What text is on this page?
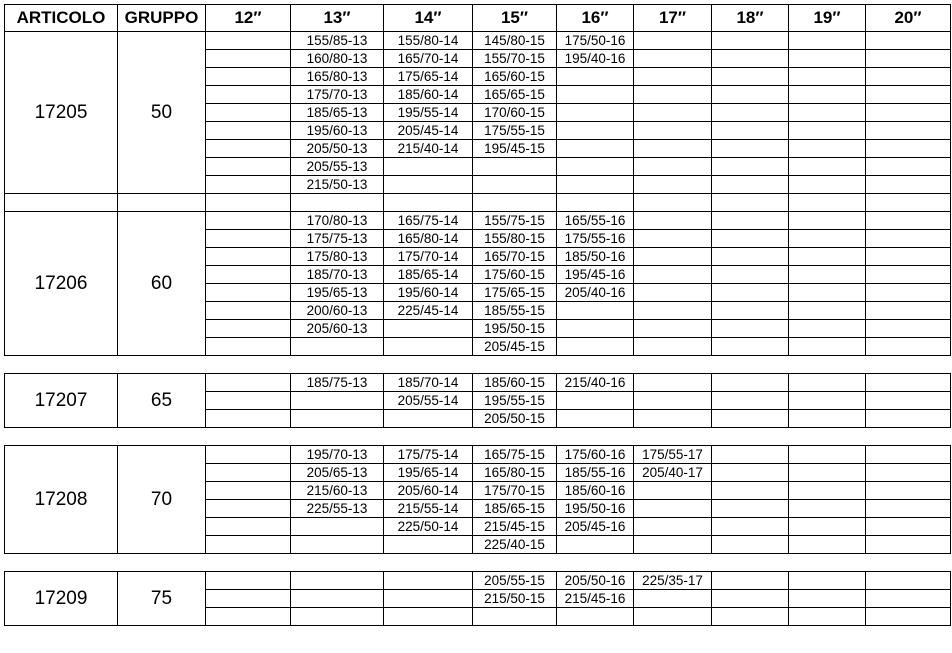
ARTICOLO	GRUPPO	12″	13″	14″	15″	16″	17″	18″	19″	20″
17205	50		155/85-13	155/80-14	145/80-15	175/50-16				
			160/80-13	165/70-14	155/70-15	195/40-16				
			165/80-13	175/65-14	165/60-15					
			175/70-13	185/60-14	165/65-15					
			185/65-13	195/55-14	170/60-15					
			195/60-13	205/45-14	175/55-15					
			205/50-13	215/40-14	195/45-15					
			205/55-13							
			215/50-13							

17206	60		170/80-13	165/75-14	155/75-15	165/55-16				
			175/75-13	165/80-14	155/80-15	175/55-16				
			175/80-13	175/70-14	165/70-15	185/50-16				
			185/70-13	185/65-14	175/60-15	195/45-16				
			195/65-13	195/60-14	175/65-15	205/40-16				
			200/60-13	225/45-14	185/55-15					
			205/60-13		195/50-15					
					205/45-15					

17207	65		185/75-13	185/70-14	185/60-15	215/40-16				
				205/55-14	195/55-15					
					205/50-15					

17208	70		195/70-13	175/75-14	165/75-15	175/60-16	175/55-17			
			205/65-13	195/65-14	165/80-15	185/55-16	205/40-17			
			215/60-13	205/60-14	175/70-15	185/60-16				
			225/55-13	215/55-14	185/65-15	195/50-16				
				225/50-14	215/45-15	205/45-16				
					225/40-15					

17209	75				205/55-15	205/50-16	225/35-17			
					215/50-15	215/45-16				
